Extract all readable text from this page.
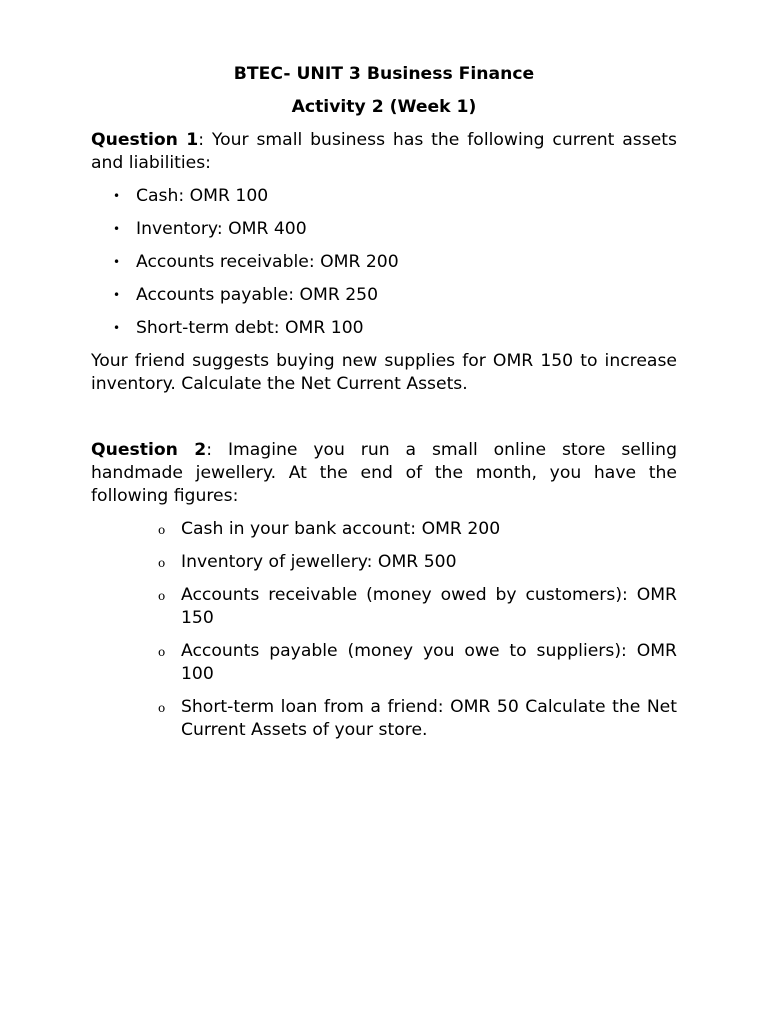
BTEC- UNIT 3 Business Finance

Activity 2 (Week 1)

Question 1: Your small business has the following current assets and liabilities:

• Cash: OMR 100
• Inventory: OMR 400
• Accounts receivable: OMR 200
• Accounts payable: OMR 250
• Short-term debt: OMR 100

Your friend suggests buying new supplies for OMR 150 to increase inventory. Calculate the Net Current Assets.

Question 2: Imagine you run a small online store selling handmade jewellery. At the end of the month, you have the following figures:

o Cash in your bank account: OMR 200
o Inventory of jewellery: OMR 500
o Accounts receivable (money owed by customers): OMR 150
o Accounts payable (money you owe to suppliers): OMR 100
o Short-term loan from a friend: OMR 50 Calculate the Net Current Assets of your store.
